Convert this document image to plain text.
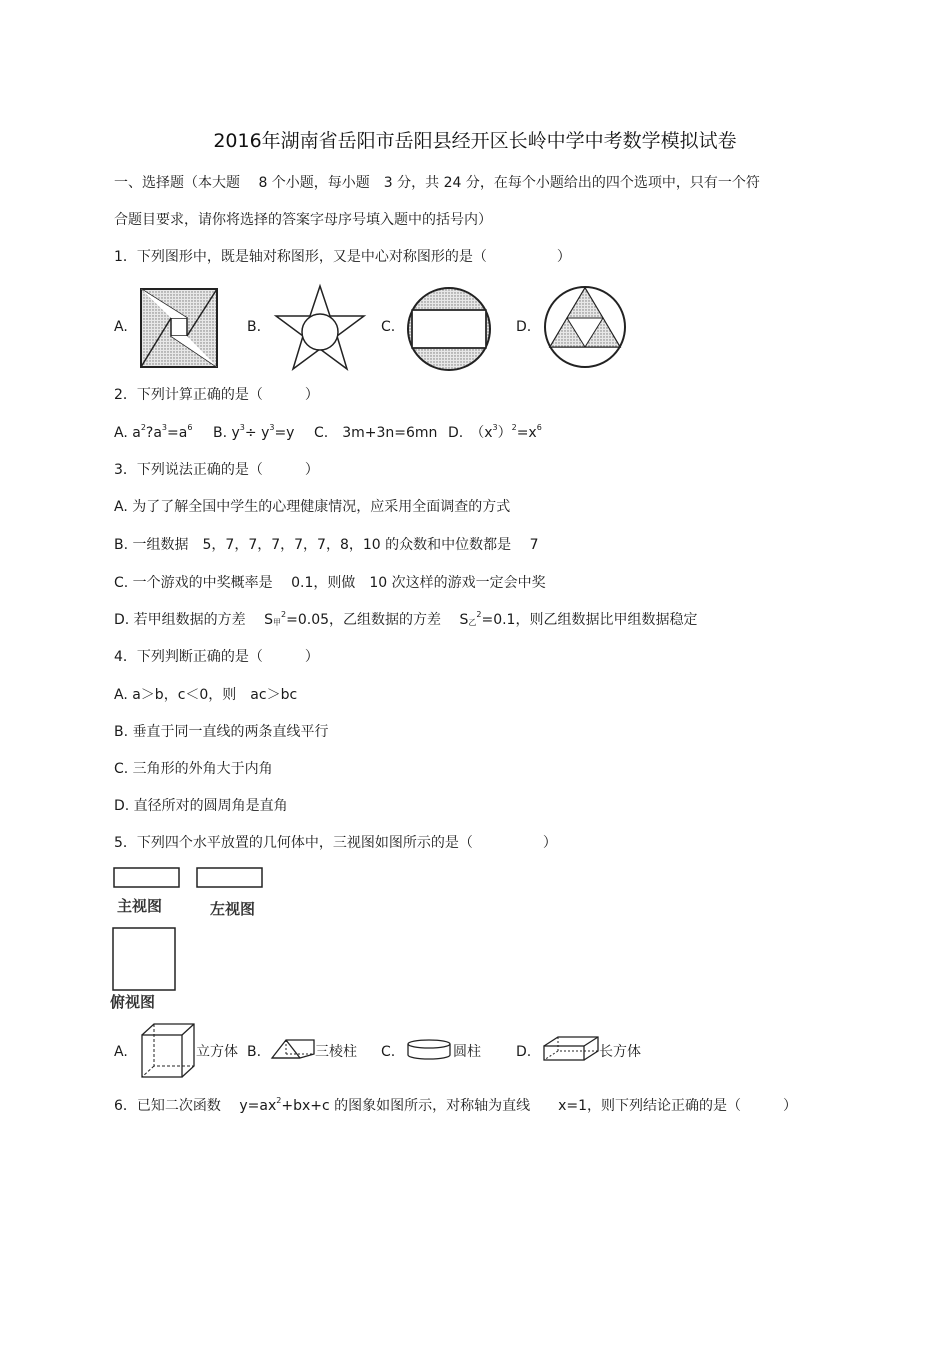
2016年湖南省岳阳市岳阳县经开区长岭中学中考数学模拟试卷
一、选择题（本大题　 8 个小题，每小题　3 分，共 24 分，在每个小题给出的四个选项中，只有一个符
合题目要求，请你将选择的答案字母序号填入题中的括号内）
1．下列图形中，既是轴对称图形，又是中心对称图形的是（　　　　　）
A.	B.	C.	D.
2．下列计算正确的是（　　　）
A. $a^2?a^3=a^6$ B. $y^3\div y^3=y$ C.　3m+3n=6mn D.　$(x^3)^2=x^6$
3．下列说法正确的是（　　　）
A. 为了了解全国中学生的心理健康情况，应采用全面调查的方式
B. 一组数据　5，7，7，7，7，7，8，10 的众数和中位数都是　 7
C. 一个游戏的中奖概率是　 0.1，则做　10 次这样的游戏一定会中奖
D. 若甲组数据的方差　 $S_甲^2=0.05$，乙组数据的方差　 $S_乙^2=0.1$，则乙组数据比甲组数据稳定
4．下列判断正确的是（　　　）
A. a＞b，c＜0，则　ac＞bc
B. 垂直于同一直线的两条直线平行
C. 三角形的外角大于内角
D. 直径所对的圆周角是直角
5．下列四个水平放置的几何体中，三视图如图所示的是（　　　　　）
主视图	左视图
俯视图
A.	立方体 B.	三棱柱 C.	圆柱	D.	长方体
6．已知二次函数　 $y=ax^2+bx+c$ 的图象如图所示，对称轴为直线　　x=1，则下列结论正确的是（　　　）
